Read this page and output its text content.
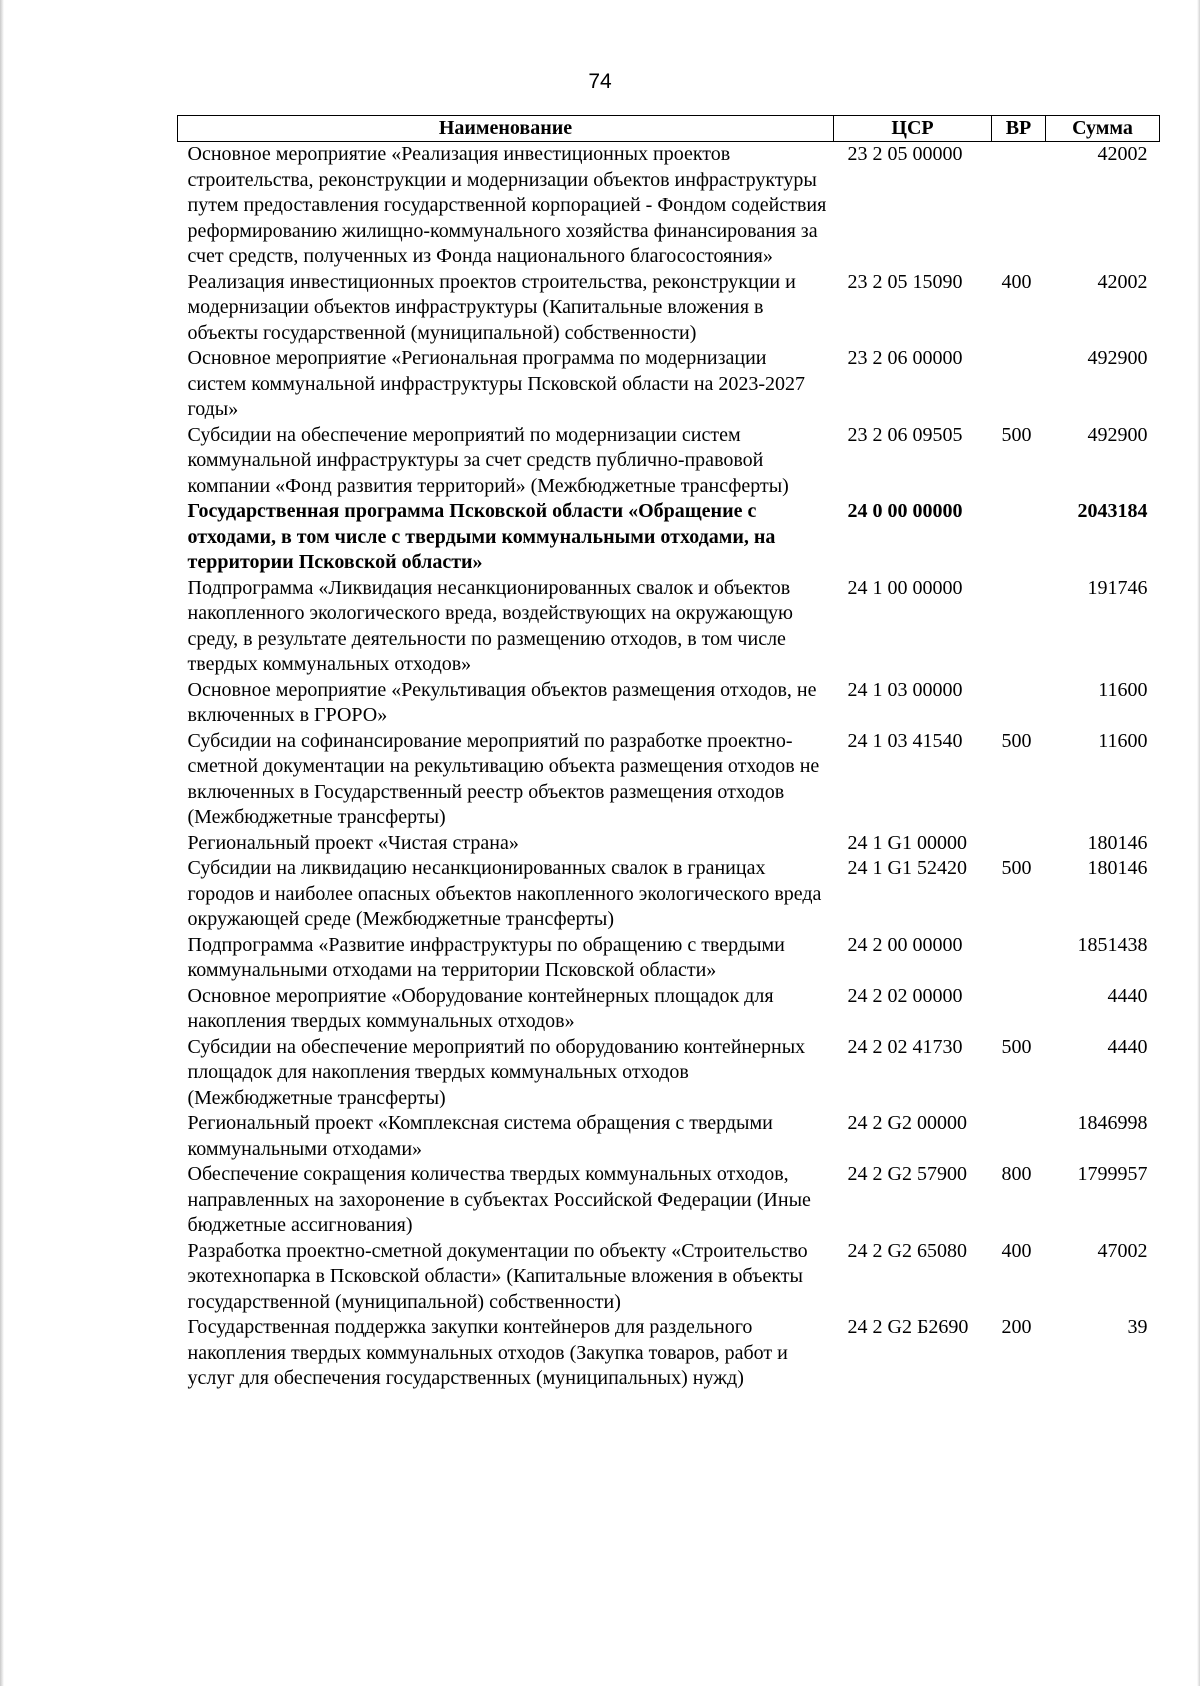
74
Наименование	ЦСР	ВР	Сумма
Основное мероприятие «Реализация инвестиционных проектов строительства, реконструкции и модернизации объектов инфраструктуры путем предоставления государственной корпорацией - Фондом содействия реформированию жилищно-коммунального хозяйства финансирования за счет средств, полученных из Фонда национального благосостояния»	23 2 05 00000		42002
Реализация инвестиционных проектов строительства, реконструкции и модернизации объектов инфраструктуры (Капитальные вложения в объекты государственной (муниципальной) собственности)	23 2 05 15090	400	42002
Основное мероприятие «Региональная программа по модернизации систем коммунальной инфраструктуры Псковской области на 2023-2027 годы»	23 2 06 00000		492900
Субсидии на обеспечение мероприятий по модернизации систем коммунальной инфраструктуры за счет средств публично-правовой компании «Фонд развития территорий» (Межбюджетные трансферты)	23 2 06 09505	500	492900
Государственная программа Псковской области «Обращение с отходами, в том числе с твердыми коммунальными отходами, на территории Псковской области»	24 0 00 00000		2043184
Подпрограмма «Ликвидация несанкционированных свалок и объектов накопленного экологического вреда, воздействующих на окружающую среду, в результате деятельности по размещению отходов, в том числе твердых коммунальных отходов»	24 1 00 00000		191746
Основное мероприятие «Рекультивация объектов размещения отходов, не включенных в ГРОРО»	24 1 03 00000		11600
Субсидии на софинансирование мероприятий по разработке проектно-сметной документации на рекультивацию объекта размещения отходов не включенных в Государственный реестр объектов размещения отходов (Межбюджетные трансферты)	24 1 03 41540	500	11600
Региональный проект «Чистая страна»	24 1 G1 00000		180146
Субсидии на ликвидацию несанкционированных свалок в границах городов и наиболее опасных объектов накопленного экологического вреда окружающей среде (Межбюджетные трансферты)	24 1 G1 52420	500	180146
Подпрограмма «Развитие инфраструктуры по обращению с твердыми коммунальными отходами на территории Псковской области»	24 2 00 00000		1851438
Основное мероприятие «Оборудование контейнерных площадок для накопления твердых коммунальных отходов»	24 2 02 00000		4440
Субсидии на обеспечение мероприятий по оборудованию контейнерных площадок для накопления твердых коммунальных отходов (Межбюджетные трансферты)	24 2 02 41730	500	4440
Региональный проект «Комплексная система обращения с твердыми коммунальными отходами»	24 2 G2 00000		1846998
Обеспечение сокращения количества твердых коммунальных отходов, направленных на захоронение в субъектах Российской Федерации (Иные бюджетные ассигнования)	24 2 G2 57900	800	1799957
Разработка проектно-сметной документации по объекту «Строительство экотехнопарка в Псковской области» (Капитальные вложения в объекты государственной (муниципальной) собственности)	24 2 G2 65080	400	47002
Государственная поддержка закупки контейнеров для раздельного накопления твердых коммунальных отходов (Закупка товаров, работ и услуг для обеспечения государственных (муниципальных) нужд)	24 2 G2 Б2690	200	39
